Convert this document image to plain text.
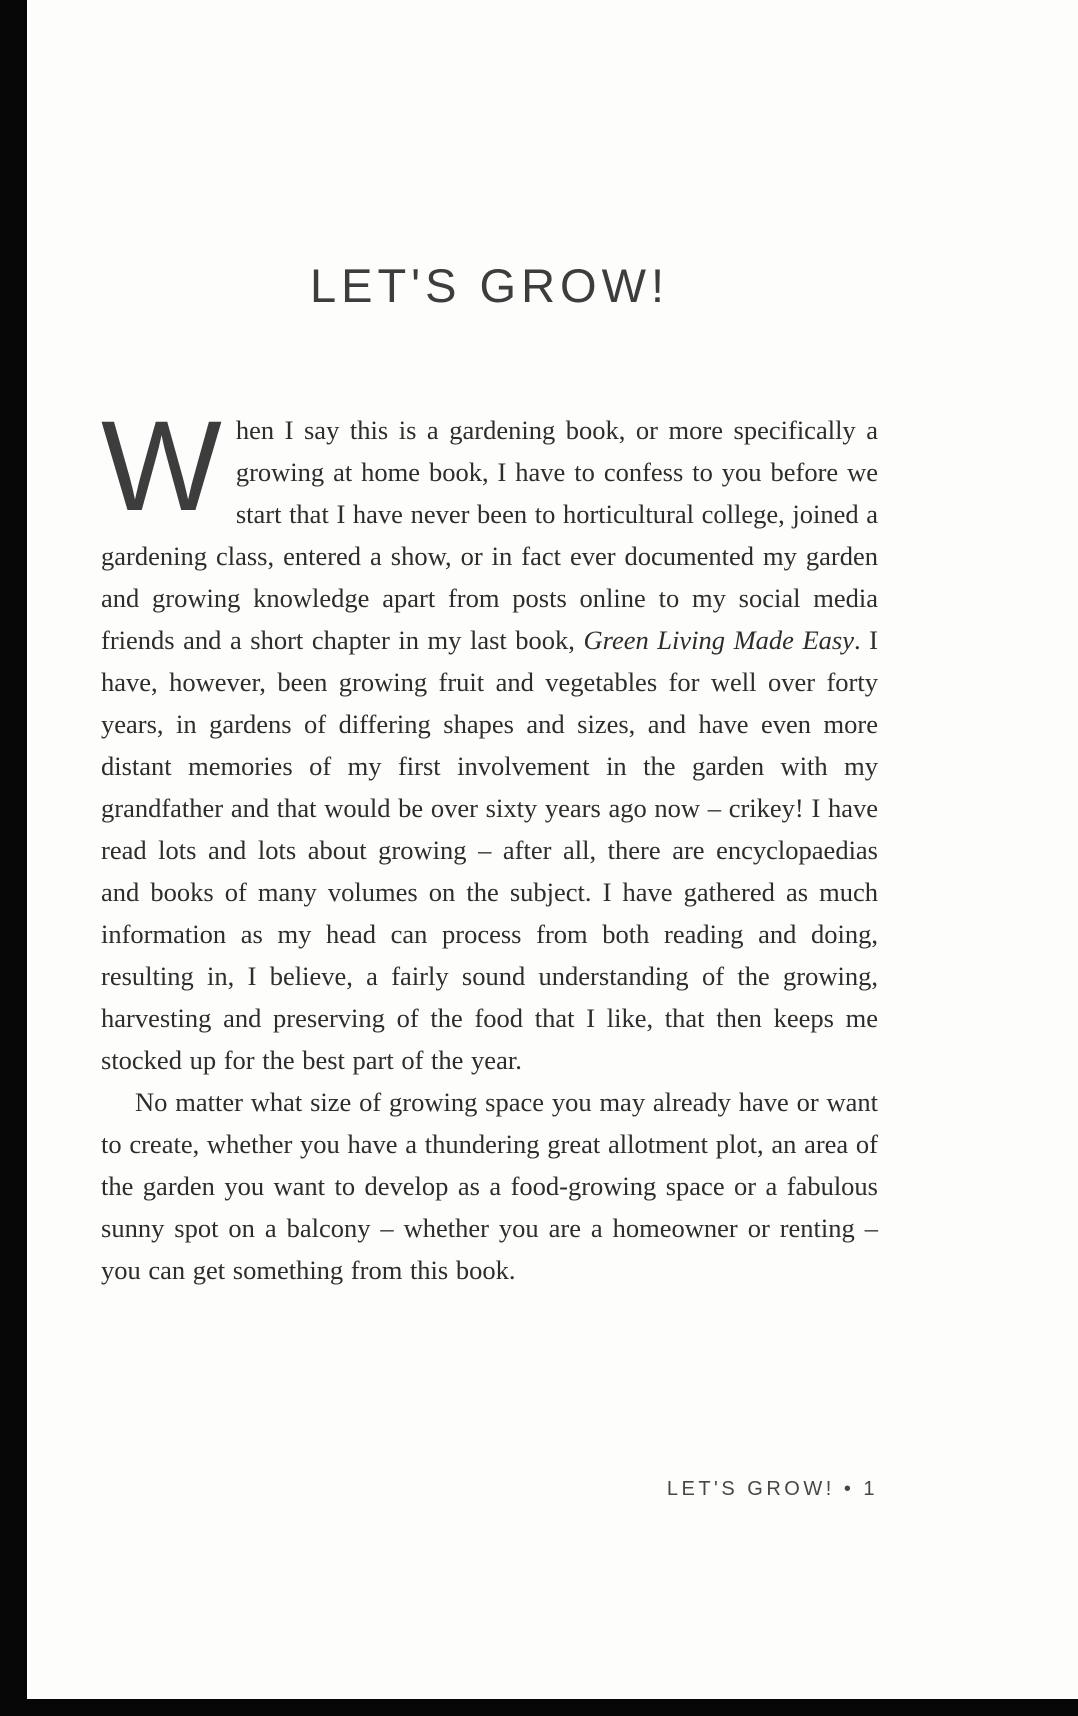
LET'S GROW!

When I say this is a gardening book, or more specifically a growing at home book, I have to confess to you before we start that I have never been to horticultural college, joined a gardening class, entered a show, or in fact ever documented my garden and growing knowledge apart from posts online to my social media friends and a short chapter in my last book, Green Living Made Easy. I have, however, been growing fruit and vegetables for well over forty years, in gardens of differing shapes and sizes, and have even more distant memories of my first involvement in the garden with my grandfather and that would be over sixty years ago now – crikey! I have read lots and lots about growing – after all, there are encyclopaedias and books of many volumes on the subject. I have gathered as much information as my head can process from both reading and doing, resulting in, I believe, a fairly sound understanding of the growing, harvesting and preserving of the food that I like, that then keeps me stocked up for the best part of the year.

No matter what size of growing space you may already have or want to create, whether you have a thundering great allotment plot, an area of the garden you want to develop as a food-growing space or a fabulous sunny spot on a balcony – whether you are a homeowner or renting – you can get something from this book.

LET'S GROW! • 1
